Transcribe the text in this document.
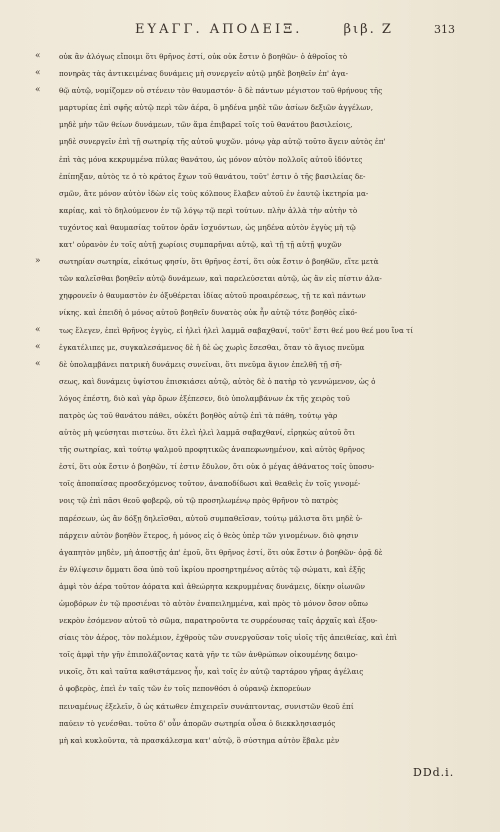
ΕΥΑΓΓ. ΑΠΟΔΕΙΞ.	βιβ. Ζ	313
«	οὐκ ἂν ἀλόγως εἴποιμι ὅτι θρῆνος ἐστί, οὐκ οὐκ ἔστιν ὁ βοηθῶν· ὁ ἀθροῖος τὸ
«	πονηρὰς τὰς ἀντικειμένας δυνάμεις μὴ συνεργεῖν αὐτῷ μηδὲ βοηθεῖν ἐπ' ἀγα-
«	θῷ αὐτῷ, νομίζομεν οὐ στένειν τὸν θαυμαστόν· ὃ δὲ πάντων μέγιστον τοῦ θρήνους τῆς
μαρτυρίας ἐπὶ σφῆς αὐτῷ περὶ τῶν ἀέρα, ὃ μηδένα μηδὲ τῶν ἀσίων δεξιῶν ἀγγέλων,
μηδὲ μὴν τῶν θείων δυνάμεων, τῶν ἅμα ἐπιβαρεῖ τοῖς τοῦ θανάτου βασιλείοις,
μηδὲ συνεργεῖν ἐπὶ τῇ σωτηρίᾳ τῆς αὐτοῦ ψυχῶν. μόνῳ γὰρ αὐτῷ τοῦτο ἄγειν αὐτὸς ἐπ'
ἐπὶ τὰς μόνα κεκρυμμένα πύλας θανάτου, ὡς μόνον αὐτὸν πολλοῖς αὐτοῦ ἰδόντες
ἐπίπηξαν, αὐτὸς τε ὁ τὸ κράτος ἔχων τοῦ θανάτου, τοῦτ' ἐστιν ὁ τῆς βασιλείας δε-
σμῶν, ἅτε μόνον αὐτὸν ἰδὼν εἰς τοὺς κόλπους ἔλαβεν αὐτοῦ ἐν ἑαυτῷ ἱκετηρία μα-
καρίας, καὶ τὸ δηλούμενον ἐν τῷ λόγῳ τῷ περὶ τούτων. πλὴν ἀλλὰ τὴν αὐτὴν τὸ
τυχόντος καὶ θαυμασίας τοῦτον ὁρᾶν ἰσχυόντων, ὡς μηδένα αὐτὸν ἐγγὺς μὴ τῷ
κατ' οὐρανὸν ἐν τοῖς αὐτῇ χωρίοις συμπαρῆναι αὐτῷ, καὶ τῇ τῇ αὐτῇ ψυχῶν
»	σωτηρίαν σωτηρία, εἰκότως φησίν, ὅτι θρῆνος ἐστί, ὅτι οὐκ ἔστιν ὁ βοηθῶν, εἴτε μετὰ
τῶν καλεῖσθαι βοηθεῖν αὐτῷ δυνάμεων, καὶ παρελεύσεται αὐτῷ, ὡς ἂν εἰς πίστιν ἀλα-
χηφρονεῖν ὁ θαυμαστὸν ἐν ὀξυθέρεται ἰδίας αὐτοῦ προαιρέσεως, τῇ τε καὶ πάντων
νίκης. καὶ ἐπειδὴ ὁ μόνος αὐτοῦ βοηθεῖν δυνατὸς οὐκ ἦν αὐτῷ τότε βοηθὸς εἰκό-
«	τως ἔλεγεν, ἐπεὶ θρῆνος ἐγγὺς, εἰ ἡλεὶ ἡλεὶ λαμμᾶ σαβαχθανί, τοῦτ' ἔστι θεέ μου θεέ μου ἵνα τί
«	ἐγκατέλιπες με, συγκαλεσάμενος δὲ ἡ δὲ ὡς χωρὶς ἔσεσθαι, ὅταν τὸ ἅγιος πνεῦμα
«	δὲ ὑπολαμβάνει πατρικὴ δυνάμεις συνεῖναι, ὅτι πνεῦμα ἅγιον ἐπελθῆ τῇ σῆ-
σεως, καὶ δυνάμεις ὑψίστου ἐπισκιάσει αὐτῷ, αὐτὸς δὲ ὁ πατὴρ τὸ γεννώμενον, ὡς ὁ
λόγος ἐπέστη, διὸ καὶ γὰρ ὅρων ἐξέπεσεν, διὸ ὑπολαμβάνων ἐκ τῆς χειρὸς τοῦ
πατρὸς ὡς τοῦ θανάτου πάθει, οὐκέτι βοηθὸς αὐτῷ ἐπὶ τὰ πάθη, τούτῳ γὰρ
αὐτὸς μὴ ψεύσηται πιστεύω. ὅτι ἐλεὶ ἡλεὶ λαμμᾶ σαβαχθανί, εἰρηκὼς αὐτοῦ ὅτι
τῆς σωτηρίας, καὶ τούτῳ ψαλμοῦ προφητικῶς ἀναπεφωνημένον, καὶ αὐτὸς θρῆνος
ἐστί, ὅτι οὐκ ἔστιν ὁ βοηθῶν, τί ἐστιν ἔδυλον, ὅτι οὐκ ὁ μέγας ἀθάνατος τοῖς ὑποσυ-
τοῖς ἀποπαίσας προσδεχόμενος τοῦτον, ἀναποδίδωσι καὶ θεαθεὶς ἐν τοῖς γινομέ-
νοις τῷ ἐπὶ πᾶσι θεοῦ φοβερῷ, οὐ τῷ προσηλωμένῳ πρὸς θρῆνον τὸ πατρὸς
παρέσεων, ὡς ἂν δόξῃ δηλεῖσθαι, αὐτοῦ συμπαθεῖσαν, τούτῳ μάλιστα ὅτι μηδὲ ὑ-
πάρχειν αὐτὸν βοηθὸν ἕτερος, ἡ μόνος εἰς ὁ θεὸς ὑπὲρ τῶν γινομένων. διὸ φησιν
ἀγαπητὸν μηδὲν, μὴ ἀποστῇς ἀπ' ἐμοῦ, ὅτι θρῆνος ἐστί, ὅτι οὐκ ἔστιν ὁ βοηθῶν· ὁρᾷ δὲ
ἐν θλίψεσιν ὄμματι ὅσα ὑπὸ τοῦ ἰκρίου προσηρτημένος αὐτὸς τῷ σώματι, καὶ ἐξῆς
ἀμφὶ τὸν ἀέρα τοῦτον ἀόρατα καὶ ἀθεώρητα κεκρυμμένας δυνάμεις, δίκην οἰωνῶν
ὠμοβόρων ἐν τῷ προσιέναι τὸ αὐτὸν ἐναπειλημμένα, καὶ πρὸς τὸ μόνον ὅσον οὔπω
νεκρὸν ἐσόμενον αὐτοῦ τὸ σῶμα, παρατηροῦντα τε συρρέουσας ταῖς ἀρχαῖς καὶ ἐξου-
σίαις τὸν ἀέρος, τὸν πολέμιον, ἐχθροὺς τῶν συνεργοῦσαν τοῖς υἱοῖς τῆς ἀπειθείας, καὶ ἐπὶ
τοῖς ἀμφὶ τὴν γῆν ἐπιπολάζοντας κατὰ γῆν τε τῶν ἀνθρώπων οἰκουμένης δαιμο-
νικοῖς, ὅτι καὶ ταῦτα καθιστάμενος ἦν, καὶ τοῖς ἐν αὐτῷ ταρτάρου γῆρας ἀγέλαις
ὁ φοβερὸς, ἐπεὶ ἐν ταῖς τῶν ἐν τοῖς πεπονθόσι ὁ οὐρανῷ ἐκπορεύων
πειναμένως ἐξελεῖν, ὃ ὡς κάτωθεν ἐπιχειρεῖν συνάπτοντας, συνιστῶν θεοῦ ἐπί
παύειν τὸ γενέσθαι. τοῦτο δ' οὖν ἀπορῶν σωτηρία οὖσα ὁ διεκκλησιασμός
μὴ καὶ κυκλοῦντα, τὰ πρασκάλεσμα κατ' αὐτῷ, ὃ σύστημα αὐτὸν ἔβαλε μὲν
DDd.i.
